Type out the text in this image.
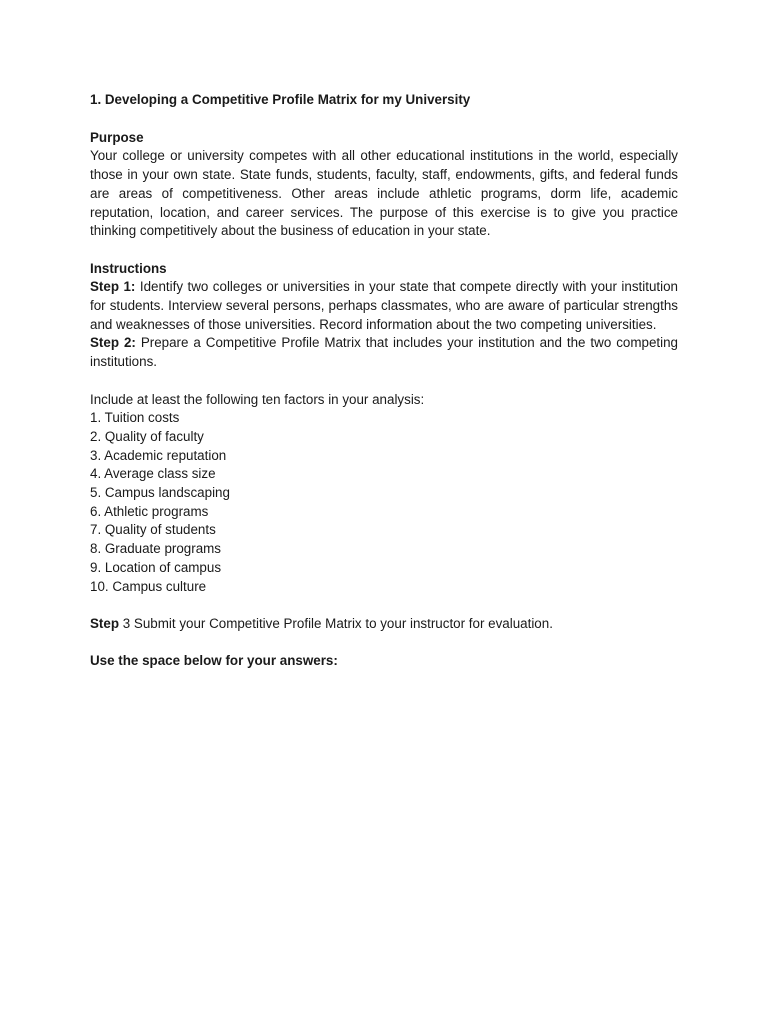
1. Developing a Competitive Profile Matrix for my University

Purpose

Your college or university competes with all other educational institutions in the world, especially those in your own state. State funds, students, faculty, staff, endowments, gifts, and federal funds are areas of competitiveness. Other areas include athletic programs, dorm life, academic reputation, location, and career services. The purpose of this exercise is to give you practice thinking competitively about the business of education in your state.

Instructions

Step 1: Identify two colleges or universities in your state that compete directly with your institution for students. Interview several persons, perhaps classmates, who are aware of particular strengths and weaknesses of those universities. Record information about the two competing universities.

Step 2: Prepare a Competitive Profile Matrix that includes your institution and the two competing institutions.

Include at least the following ten factors in your analysis:

1. Tuition costs
2. Quality of faculty
3. Academic reputation
4. Average class size
5. Campus landscaping
6. Athletic programs
7. Quality of students
8. Graduate programs
9. Location of campus
10. Campus culture

Step 3 Submit your Competitive Profile Matrix to your instructor for evaluation.

Use the space below for your answers:
